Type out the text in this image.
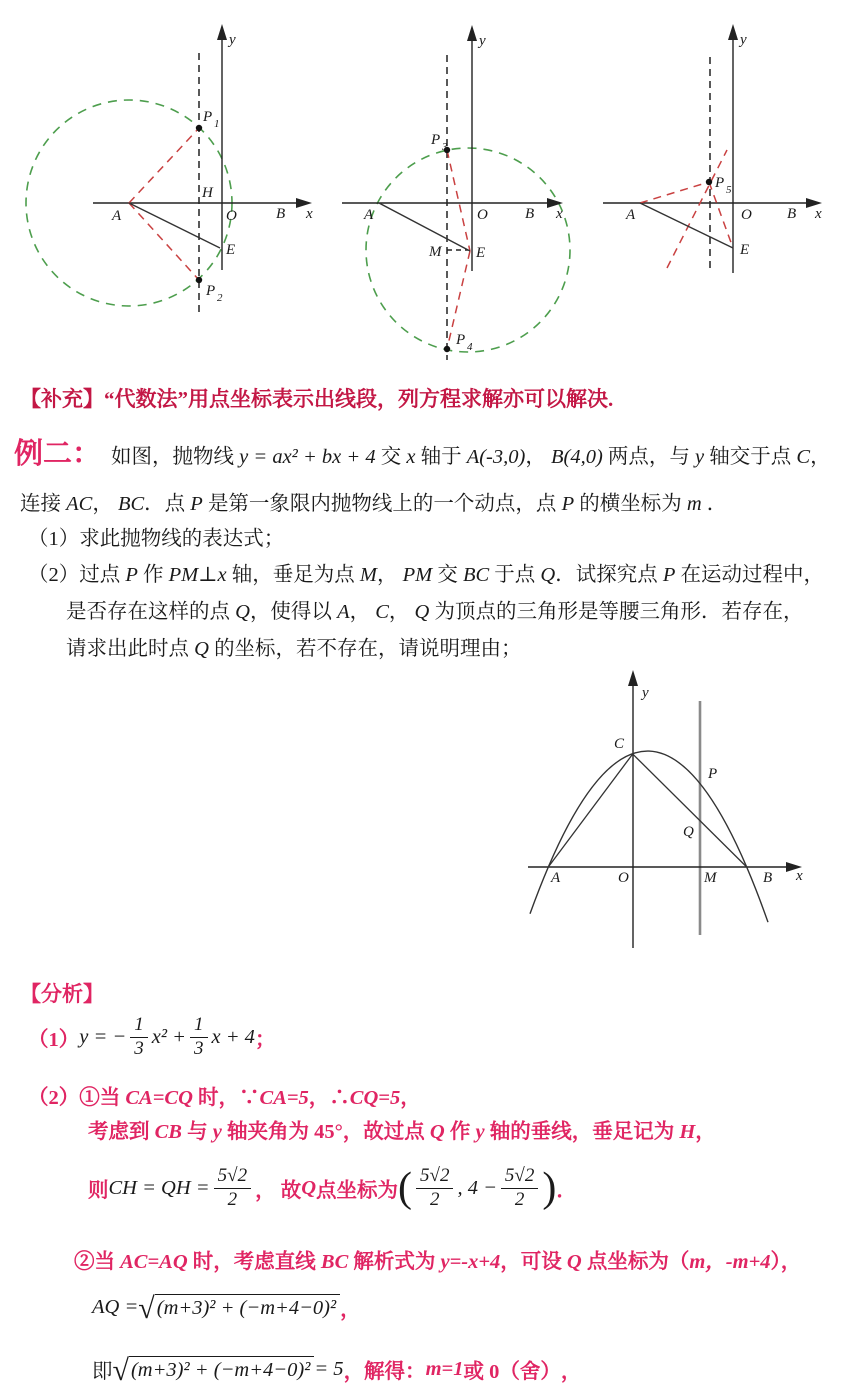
y
x
P 1
P 2
H
A	O	B
E
y
x
P 3
P 4
M
A	O B
E
y
x
P 5
A	O B
E
【补充】“代数法”用点坐标表示出线段，列方程求解亦可以解决.
例二： 如图，抛物线 y = ax² + bx + 4 交 x 轴于 A(-3,0)， B(4,0) 两点，与 y 轴交于点 C，
连接 AC， BC．点 P 是第一象限内抛物线上的一个动点，点 P 的横坐标为 m ．
（1）求此抛物线的表达式；
（2）过点 P 作 PM⊥x 轴，垂足为点 M， PM 交 BC 于点 Q．试探究点 P 在运动过程中，
是否存在这样的点 Q，使得以 A， C， Q 为顶点的三角形是等腰三角形．若存在，
请求出此时点 Q 的坐标，若不存在，请说明理由；
y
x
C
P
Q
A	O	M	B
【分析】
（1） y = − $\frac{1}{3} x^2 + \frac{1}{3}$ x + 4 ；
（2）①当 CA=CQ 时，∵CA=5，∴CQ=5，
考虑到 CB 与 y 轴夹角为 45°，故过点 Q 作 y 轴的垂线，垂足记为 H，
则 CH = QH = $\frac{5√2}{2}$ ， 故 Q 点坐标为 ( $\frac{5√2}{2}$ , $4 - \frac{5√2}{2}$ ) ．
②当 AC=AQ 时，考虑直线 BC 解析式为 y=-x+4，可设 Q 点坐标为（m，-m+4），
AQ = √ (m+3)² + (−m+4−0)² ，
即 √ (m+3)² + (−m+4−0)² = 5 ，解得： m=1 或 0（舍） ，
